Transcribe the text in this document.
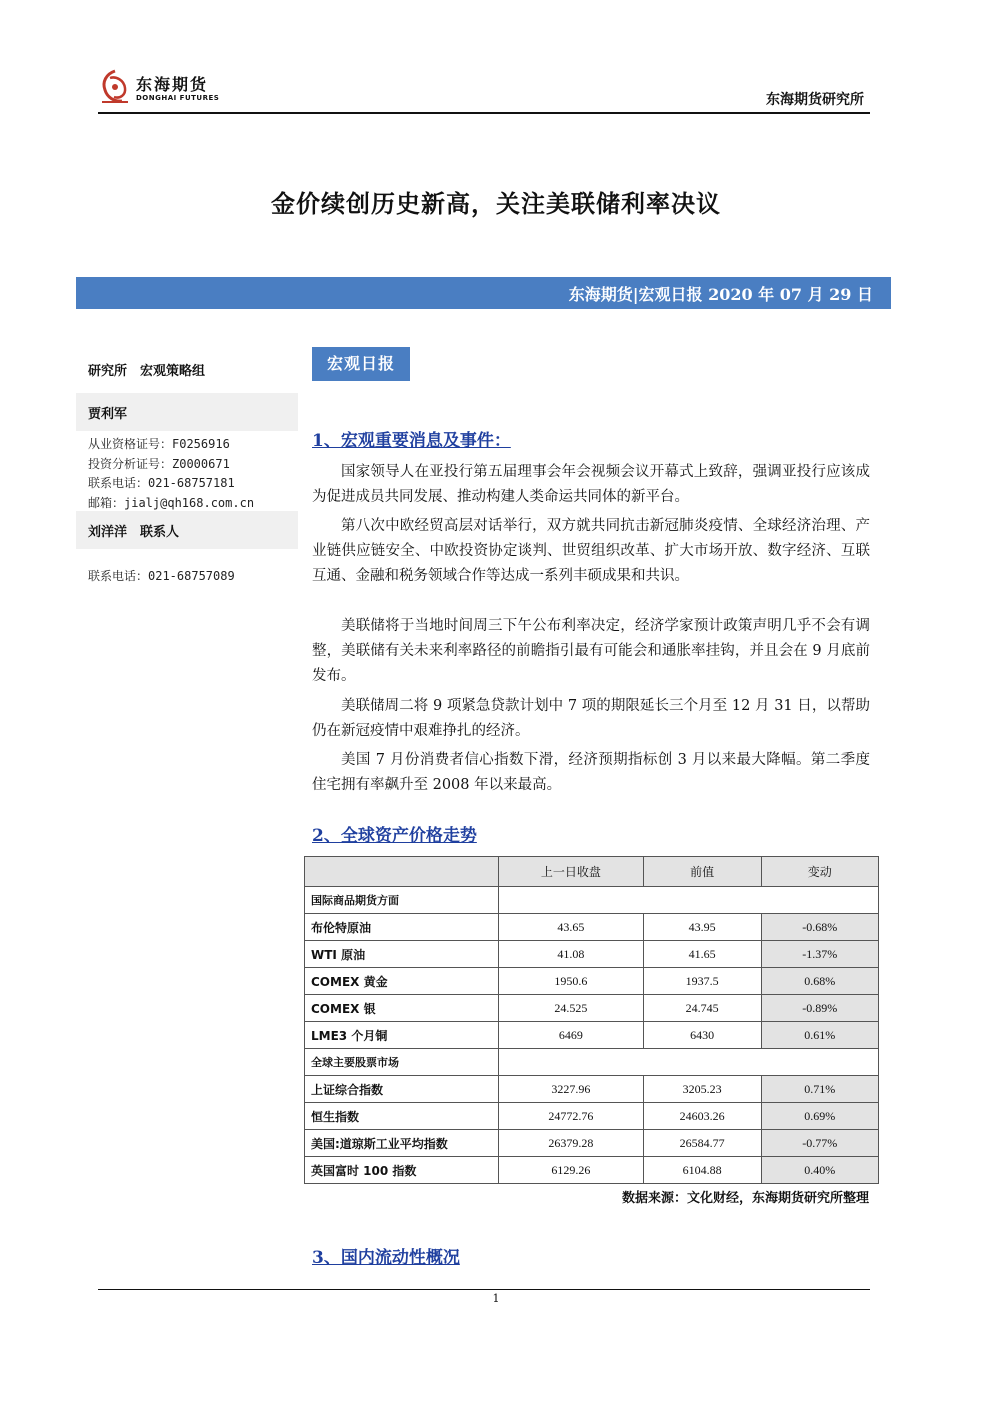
东海期货
DONGHAI FUTURES	东海期货研究所
金价续创历史新高，关注美联储利率决议
东海期货|宏观日报 2020 年 07 月 29 日
研究所　宏观策略组
贾利军
从业资格证号：F0256916
投资分析证号：Z0000671
联系电话：021-68757181
邮箱：jialj@qh168.com.cn
刘洋洋　联系人
联系电话：021-68757089
宏观日报
1、宏观重要消息及事件：

国家领导人在亚投行第五届理事会年会视频会议开幕式上致辞，强调亚投行应该成为促进成员共同发展、推动构建人类命运共同体的新平台。

第八次中欧经贸高层对话举行，双方就共同抗击新冠肺炎疫情、全球经济治理、产业链供应链安全、中欧投资协定谈判、世贸组织改革、扩大市场开放、数字经济、互联互通、金融和税务领域合作等达成一系列丰硕成果和共识。

美联储将于当地时间周三下午公布利率决定，经济学家预计政策声明几乎不会有调整，美联储有关未来利率路径的前瞻指引最有可能会和通胀率挂钩，并且会在 9 月底前发布。

美联储周二将 9 项紧急贷款计划中 7 项的期限延长三个月至 12 月 31 日，以帮助仍在新冠疫情中艰难挣扎的经济。

美国 7 月份消费者信心指数下滑，经济预期指标创 3 月以来最大降幅。第二季度住宅拥有率飙升至 2008 年以来最高。

2、全球资产价格走势
	上一日收盘	前值	变动
国际商品期货方面			
布伦特原油	43.65	43.95	-0.68%
WTI 原油	41.08	41.65	-1.37%
COMEX 黄金	1950.6	1937.5	0.68%
COMEX 银	24.525	24.745	-0.89%
LME3 个月铜	6469	6430	0.61%
全球主要股票市场			
上证综合指数	3227.96	3205.23	0.71%
恒生指数	24772.76	24603.26	0.69%
美国:道琼斯工业平均指数	26379.28	26584.77	-0.77%
英国富时 100 指数	6129.26	6104.88	0.40%
数据来源：文化财经，东海期货研究所整理
3、国内流动性概况
1
